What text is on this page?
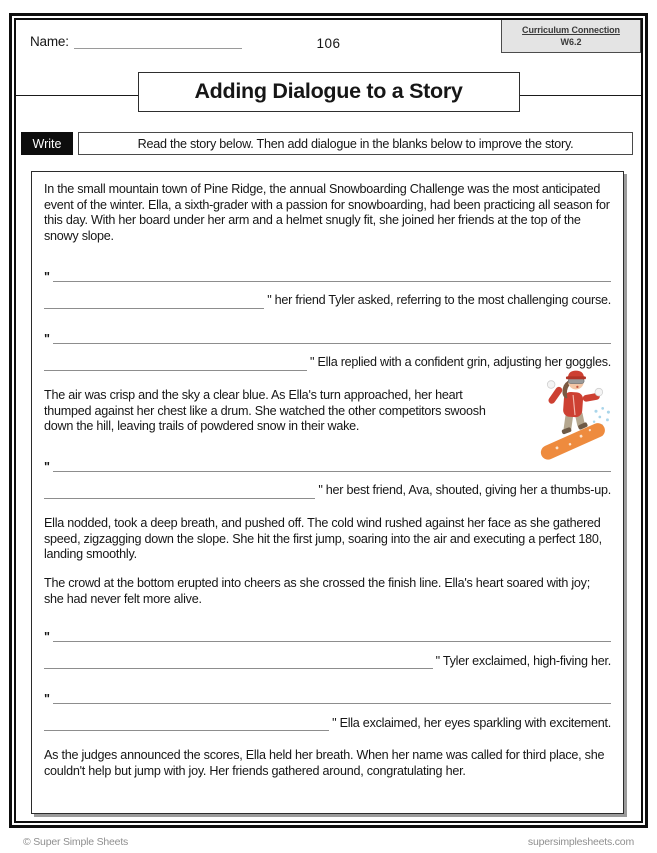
Name:	106
Curriculum Connection
W6.2
Adding Dialogue to a Story
Write	Read the story below. Then add dialogue in the blanks below to improve the story.

In the small mountain town of Pine Ridge, the annual Snowboarding Challenge was the most anticipated event of the winter. Ella, a sixth-grader with a passion for snowboarding, had been practicing all season for this day. With her board under her arm and a helmet snugly fit, she joined her friends at the top of the snowy slope.

"
" her friend Tyler asked, referring to the most challenging course.
"
" Ella replied with a confident grin, adjusting her goggles.

The air was crisp and the sky a clear blue. As Ella's turn approached, her heart thumped against her chest like a drum. She watched the other competitors swoosh down the hill, leaving trails of powdered snow in their wake.

"
" her best friend, Ava, shouted, giving her a thumbs-up.

Ella nodded, took a deep breath, and pushed off. The cold wind rushed against her face as she gathered speed, zigzagging down the slope. She hit the first jump, soaring into the air and executing a perfect 180, landing smoothly.

The crowd at the bottom erupted into cheers as she crossed the finish line. Ella's heart soared with joy; she had never felt more alive.

"
" Tyler exclaimed, high-fiving her.
"
" Ella exclaimed, her eyes sparkling with excitement.

As the judges announced the scores, Ella held her breath. When her name was called for third place, she couldn't help but jump with joy. Her friends gathered around, congratulating her.

© Super Simple Sheets	supersimplesheets.com
